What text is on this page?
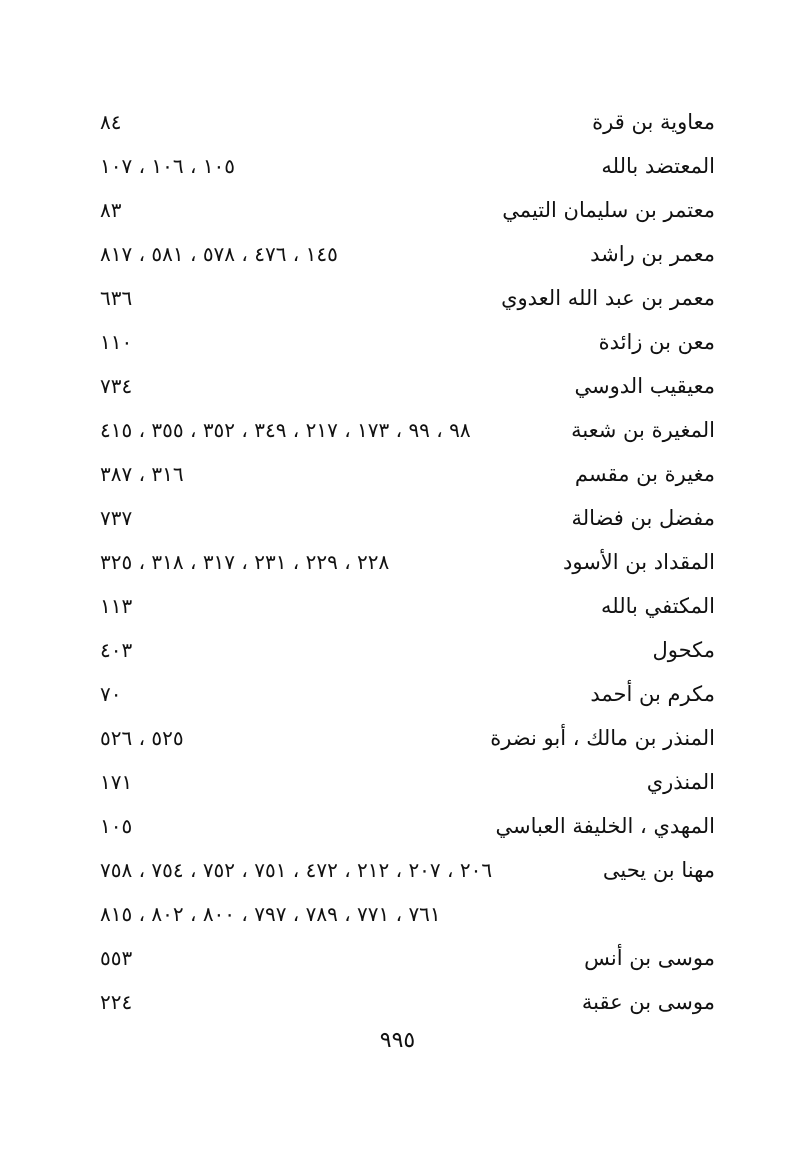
معاوية بن قرة
٨٤
المعتضد بالله
١٠٥ ، ١٠٦ ، ١٠٧
معتمر بن سليمان التيمي
٨٣
معمر بن راشد
١٤٥ ، ٤٧٦ ، ٥٧٨ ، ٥٨١ ، ٨١٧
معمر بن عبد الله العدوي
٦٣٦
معن بن زائدة
١١٠
معيقيب الدوسي
٧٣٤
المغيرة بن شعبة
٩٨ ، ٩٩ ، ١٧٣ ، ٢١٧ ، ٣٤٩ ، ٣٥٢ ، ٣٥٥ ، ٤١٥
مغيرة بن مقسم
٣١٦ ، ٣٨٧
مفضل بن فضالة
٧٣٧
المقداد بن الأسود
٢٢٨ ، ٢٢٩ ، ٢٣١ ، ٣١٧ ، ٣١٨ ، ٣٢٥
المكتفي بالله
١١٣
مكحول
٤٠٣
مكرم بن أحمد
٧٠
المنذر بن مالك ، أبو نضرة
٥٢٥ ، ٥٢٦
المنذري
١٧١
المهدي ، الخليفة العباسي
١٠٥
مهنا بن يحيى
٢٠٦ ، ٢٠٧ ، ٢١٢ ، ٤٧٢ ، ٧٥١ ، ٧٥٢ ، ٧٥٤ ، ٧٥٨
٧٦١ ، ٧٧١ ، ٧٨٩ ، ٧٩٧ ، ٨٠٠ ، ٨٠٢ ، ٨١٥
موسى بن أنس
٥٥٣
موسى بن عقبة
٢٢٤
٩٩٥
